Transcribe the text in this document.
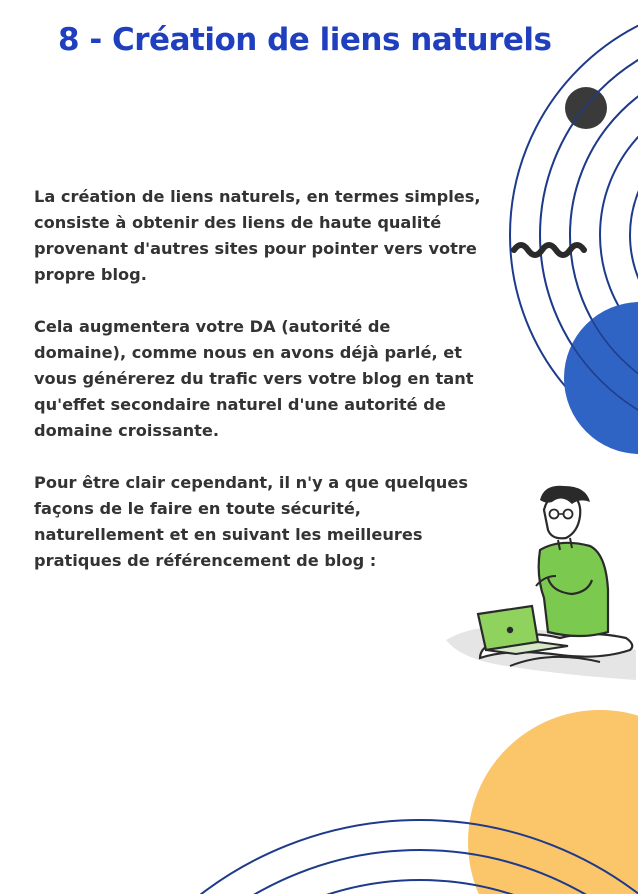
8 - Création de liens naturels

La création de liens naturels, en termes simples, consiste à obtenir des liens de haute qualité provenant d'autres sites pour pointer vers votre propre blog.

Cela augmentera votre DA (autorité de domaine), comme nous en avons déjà parlé, et vous générerez du trafic vers votre blog en tant qu'effet secondaire naturel d'une autorité de domaine croissante.

Pour être clair cependant, il n'y a que quelques façons de le faire en toute sécurité, naturellement et en suivant les meilleures pratiques de référencement de blog :
